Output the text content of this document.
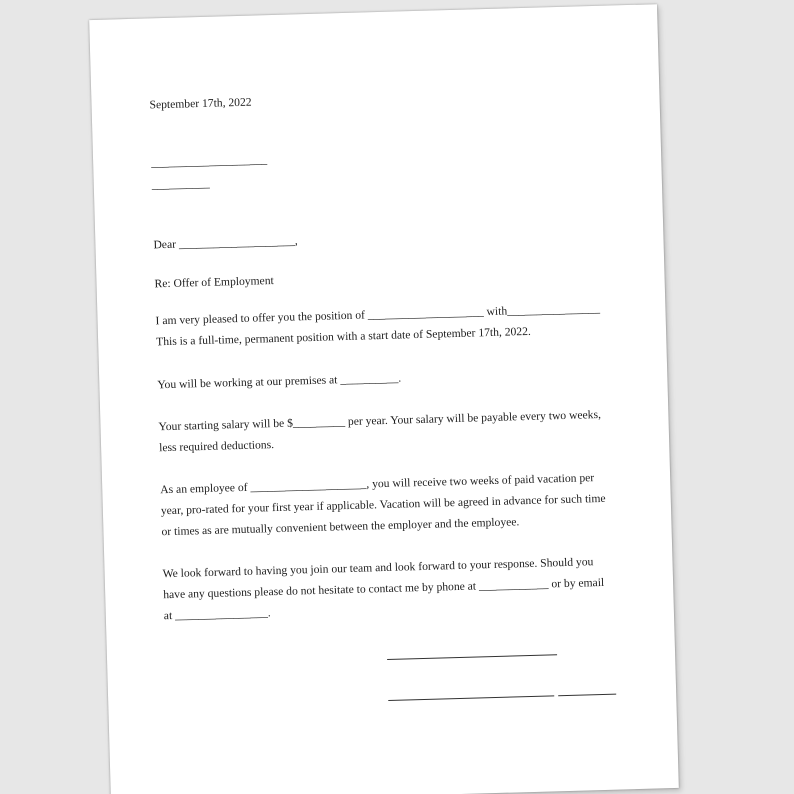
September 17th, 2022
____________________
__________
Dear ____________________,
Re: Offer of Employment
I am very pleased to offer you the position of ____________________ with________________
This is a full-time, permanent position with a start date of September 17th, 2022.
You will be working at our premises at __________.
Your starting salary will be $_________ per year. Your salary will be payable every two weeks,
less required deductions.
As an employee of ____________________, you will receive two weeks of paid vacation per
year, pro-rated for your first year if applicable. Vacation will be agreed in advance for such time
or times as are mutually convenient between the employer and the employee.
We look forward to having you join our team and look forward to your response. Should you
have any questions please do not hesitate to contact me by phone at ____________ or by email
at ________________.
